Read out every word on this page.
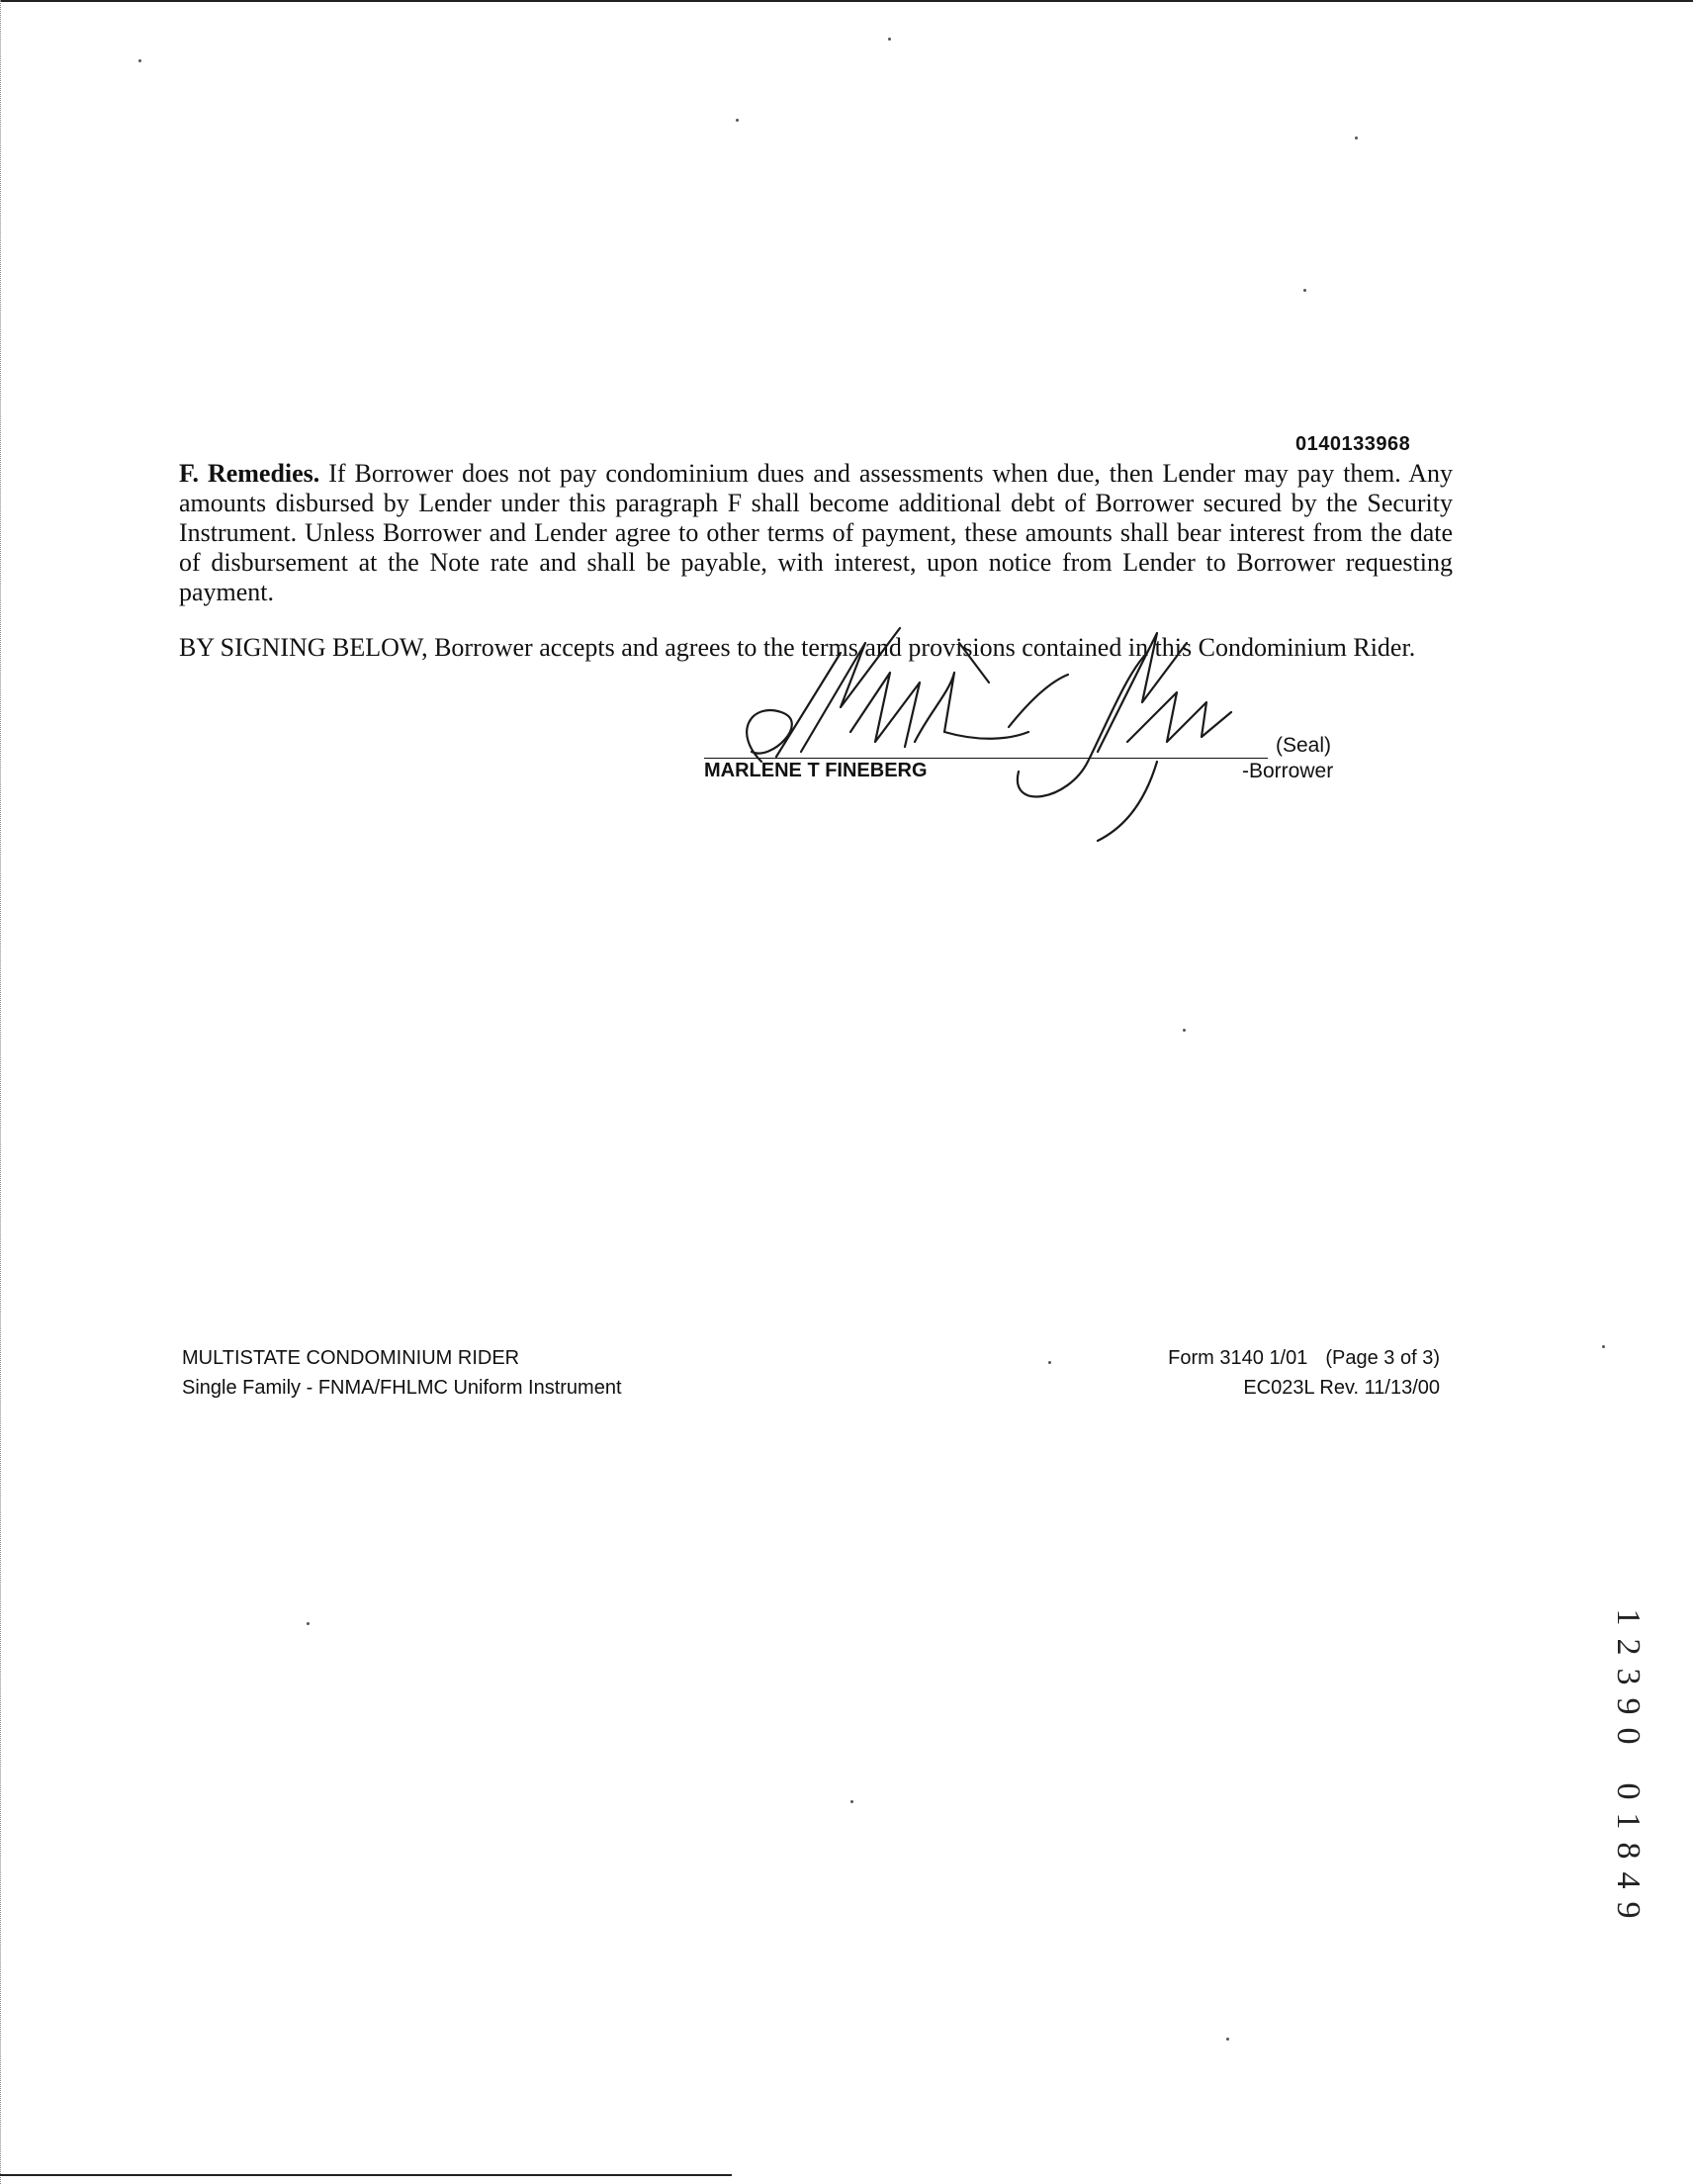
0140133968
F. Remedies. If Borrower does not pay condominium dues and assessments when due, then Lender may pay them. Any amounts disbursed by Lender under this paragraph F shall become additional debt of Borrower secured by the Security Instrument. Unless Borrower and Lender agree to other terms of payment, these amounts shall bear interest from the date of disbursement at the Note rate and shall be payable, with interest, upon notice from Lender to Borrower requesting payment.
BY SIGNING BELOW, Borrower accepts and agrees to the terms and provisions contained in this Condominium Rider.
(Seal)
MARLENE T FINEBERG	-Borrower
MULTISTATE CONDOMINIUM RIDER
Single Family - FNMA/FHLMC Uniform Instrument
Form 3140 1/01 (Page 3 of 3)
EC023L Rev. 11/13/00
1
2
3
9
0
0
1
8
4
9
